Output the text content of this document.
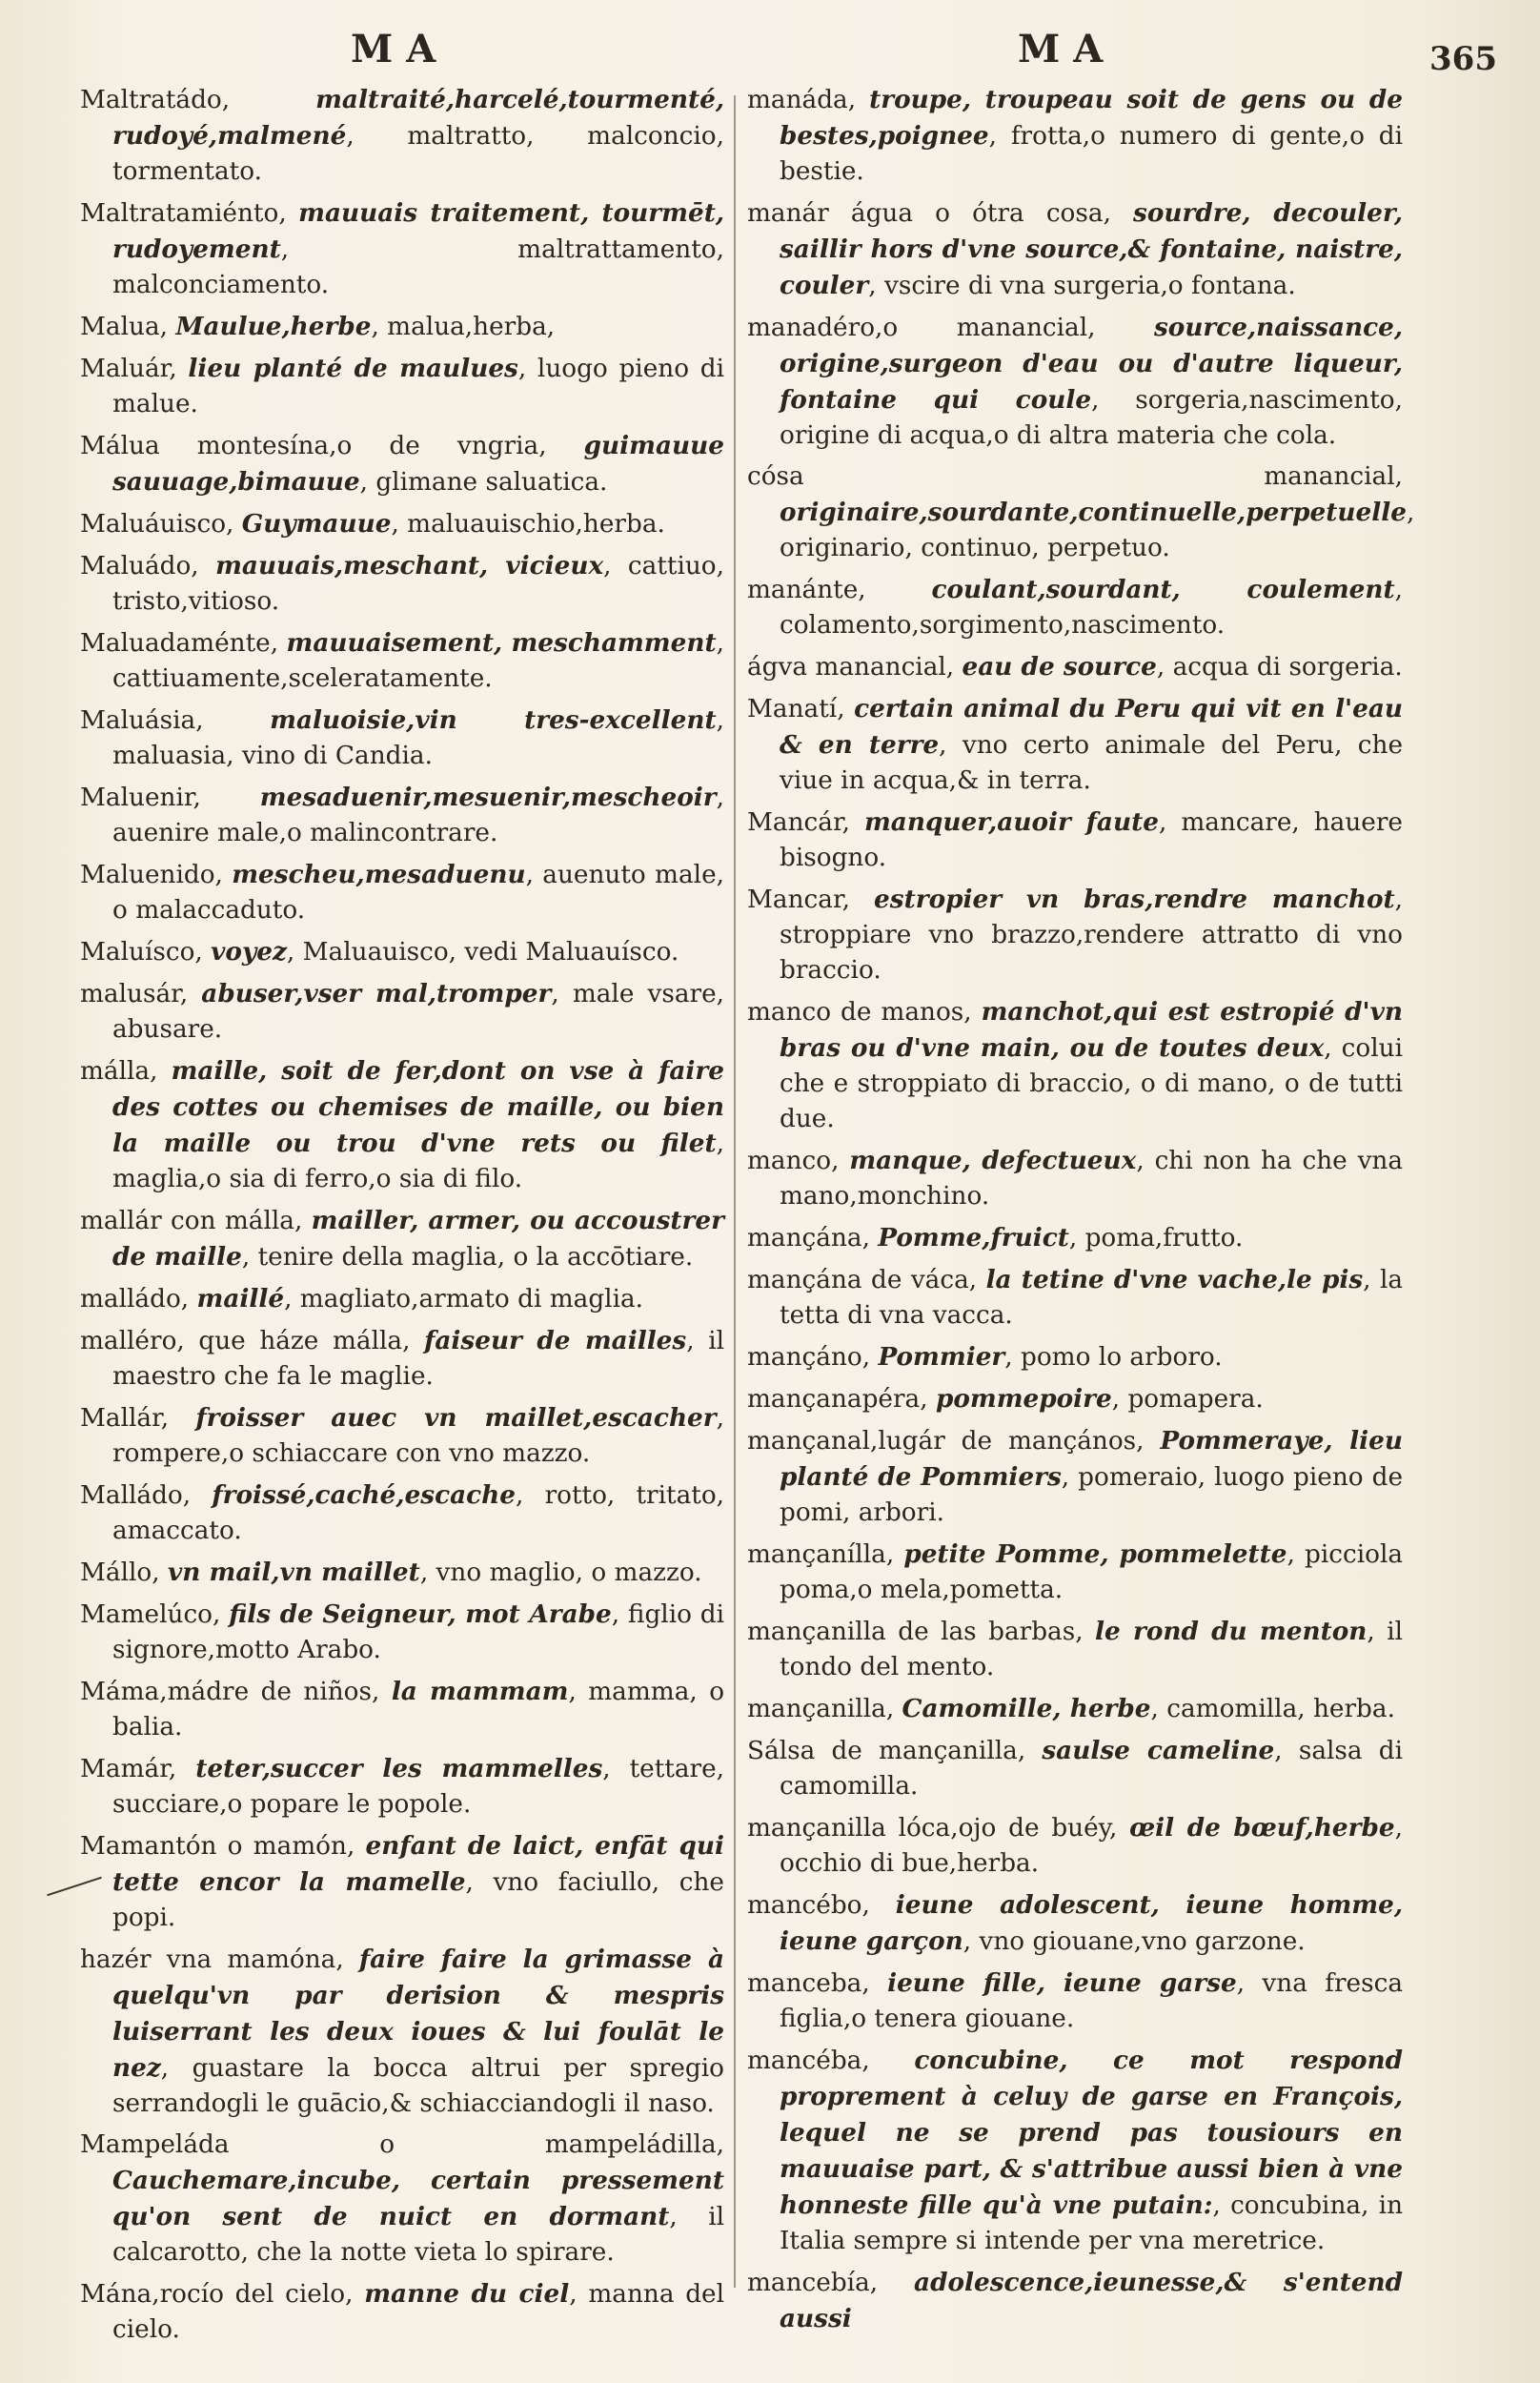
MA	MA	365

Maltratádo, maltraité,harcelé,tourmenté, rudoyé,malmené, maltratto, malconcio, tormentato.

Maltratamiénto, mauuais traitement, tourmēt, rudoyement, maltrattamento, malconciamento.

Malua, Maulue,herbe, malua,herba,

Maluár, lieu planté de maulues, luogo pieno di malue.

Málua montesína,o de vngria, guimauue sauuage,bimauue, glimane saluatica.

Maluáuisco, Guymauue, maluauischio,herba.

Maluádo, mauuais,meschant, vicieux, cattiuo, tristo,vitioso.

Maluadaménte, mauuaisement, meschamment, cattiuamente,sceleratamente.

Maluásia, maluoisie,vin tres-excellent, maluasia, vino di Candia.

Maluenir, mesaduenir,mesuenir,mescheoir, auenire male,o malincontrare.

Maluenido, mescheu,mesaduenu, auenuto male, o malaccaduto.

Maluísco, voyez, Maluauisco, vedi Maluauísco.

malusár, abuser,vser mal,tromper, male vsare, abusare.

málla, maille, soit de fer,dont on vse à faire des cottes ou chemises de maille, ou bien la maille ou trou d'vne rets ou filet, maglia,o sia di ferro,o sia di filo.

mallár con málla, mailler, armer, ou accoustrer de maille, tenire della maglia, o la accōtiare.

malládo, maillé, magliato,armato di maglia.

malléro, que háze málla, faiseur de mailles, il maestro che fa le maglie.

Mallár, froisser auec vn maillet,escacher, rompere,o schiaccare con vno mazzo.

Malládo, froissé,caché,escache, rotto, tritato, amaccato.

Mállo, vn mail,vn maillet, vno maglio, o mazzo.

Mamelúco, fils de Seigneur, mot Arabe, figlio di signore,motto Arabo.

Máma,mádre de niños, la mammam, mamma, o balia.

Mamár, teter,succer les mammelles, tettare, succiare,o popare le popole.

Mamantón o mamón, enfant de laict, enfāt qui tette encor la mamelle, vno faciullo, che popi.

hazér vna mamóna, faire faire la grimasse à quelqu'vn par derision & mespris luiserrant les deux ioues & lui foulāt le nez, guastare la bocca altrui per spregio serrandogli le guācio,& schiacciandogli il naso.

Mampeláda o mampeládilla, Cauchemare,incube, certain pressement qu'on sent de nuict en dormant, il calcarotto, che la notte vieta lo spirare.

Mána,rocío del cielo, manne du ciel, manna del cielo.

manáda, troupe, troupeau soit de gens ou de bestes,poignee, frotta,o numero di gente,o di bestie.

manár água o ótra cosa, sourdre, decouler, saillir hors d'vne source,& fontaine, naistre, couler, vscire di vna surgeria,o fontana.

manadéro,o manancial, source,naissance, origine,surgeon d'eau ou d'autre liqueur, fontaine qui coule, sorgeria,nascimento, origine di acqua,o di altra materia che cola.

cósa manancial, originaire,sourdante,continuelle,perpetuelle, originario, continuo, perpetuo.

manánte, coulant,sourdant, coulement, colamento,sorgimento,nascimento.

ágva manancial, eau de source, acqua di sorgeria.

Manatí, certain animal du Peru qui vit en l'eau & en terre, vno certo animale del Peru, che viue in acqua,& in terra.

Mancár, manquer,auoir faute, mancare, hauere bisogno.

Mancar, estropier vn bras,rendre manchot, stroppiare vno brazzo,rendere attratto di vno braccio.

manco de manos, manchot,qui est estropié d'vn bras ou d'vne main, ou de toutes deux, colui che e stroppiato di braccio, o di mano, o de tutti due.

manco, manque, defectueux, chi non ha che vna mano,monchino.

mançána, Pomme,fruict, poma,frutto.

mançána de váca, la tetine d'vne vache,le pis, la tetta di vna vacca.

mançáno, Pommier, pomo lo arboro.

mançanapéra, pommepoire, pomapera.

mançanal,lugár de mançános, Pommeraye, lieu planté de Pommiers, pomeraio, luogo pieno de pomi, arbori.

mançanílla, petite Pomme, pommelette, picciola poma,o mela,pometta.

mançanilla de las barbas, le rond du menton, il tondo del mento.

mançanilla, Camomille, herbe, camomilla, herba.

Sálsa de mançanilla, saulse cameline, salsa di camomilla.

mançanilla lóca,ojo de buéy, œil de bœuf,herbe, occhio di bue,herba.

mancébo, ieune adolescent, ieune homme, ieune garçon, vno giouane,vno garzone.

manceba, ieune fille, ieune garse, vna fresca figlia,o tenera giouane.

mancéba, concubine, ce mot respond proprement à celuy de garse en François, lequel ne se prend pas tousiours en mauuaise part, & s'attribue aussi bien à vne honneste fille qu'à vne putain:, concubina, in Italia sempre si intende per vna meretrice.

mancebía, adolescence,ieunesse,& s'entend aussi
